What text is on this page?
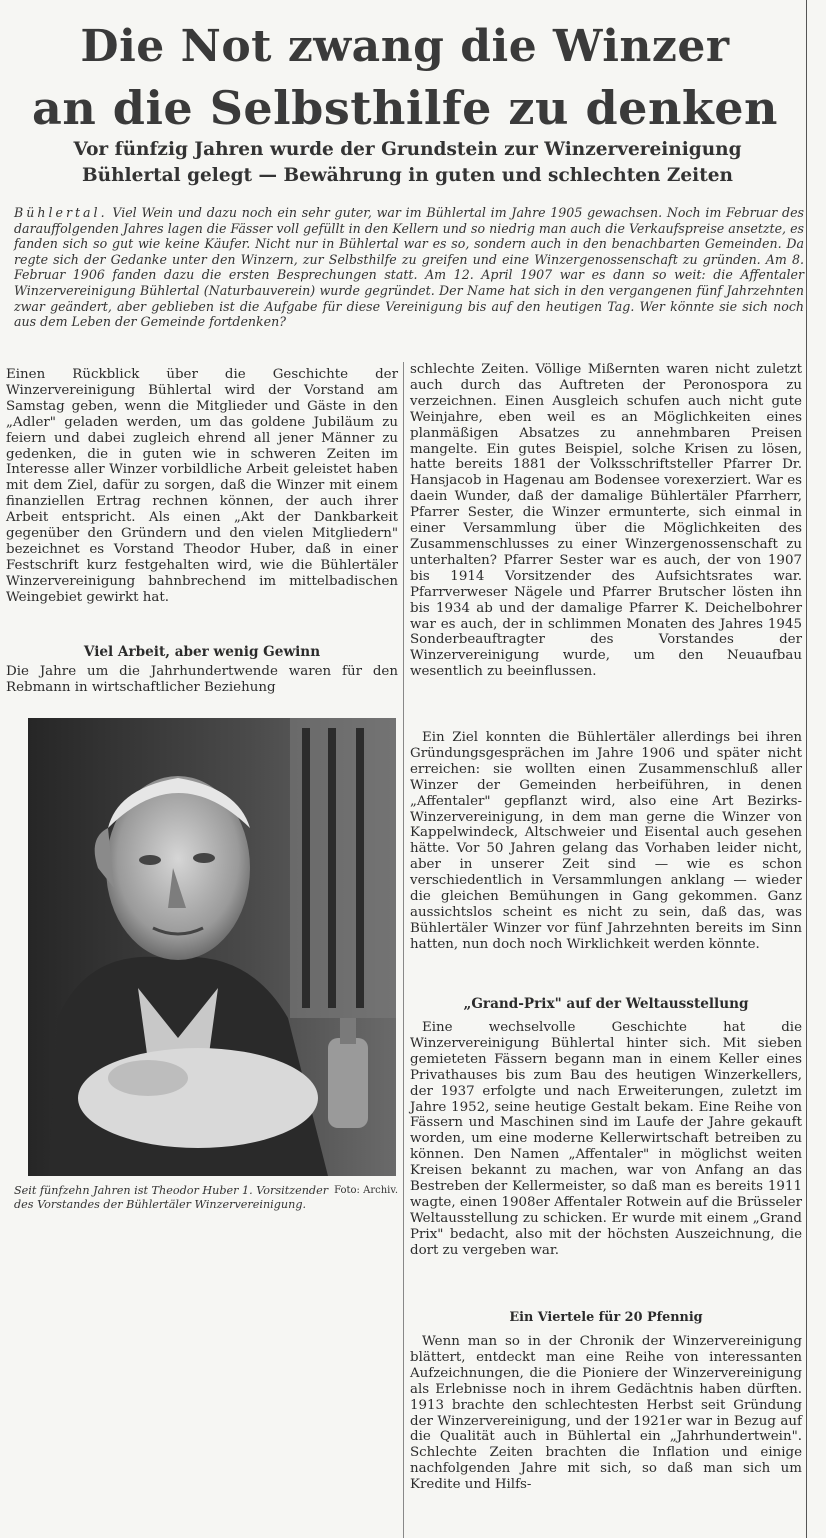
Die Not zwang die Winzer
an die Selbsthilfe zu denken
Vor fünfzig Jahren wurde der Grundstein zur Winzervereinigung
Bühlertal gelegt — Bewährung in guten und schlechten Zeiten

Bühlertal. Viel Wein und dazu noch ein sehr guter, war im Bühlertal im Jahre 1905 gewachsen. Noch im Februar des darauffolgenden Jahres lagen die Fässer voll gefüllt in den Kellern und so niedrig man auch die Verkaufspreise ansetzte, es fanden sich so gut wie keine Käufer. Nicht nur in Bühlertal war es so, sondern auch in den benachbarten Gemeinden. Da regte sich der Gedanke unter den Winzern, zur Selbsthilfe zu greifen und eine Winzergenossenschaft zu gründen. Am 8. Februar 1906 fanden dazu die ersten Besprechungen statt. Am 12. April 1907 war es dann so weit: die Affentaler Winzervereinigung Bühlertal (Naturbauverein) wurde gegründet. Der Name hat sich in den vergangenen fünf Jahrzehnten zwar geändert, aber geblieben ist die Aufgabe für diese Vereinigung bis auf den heutigen Tag. Wer könnte sie sich noch aus dem Leben der Gemeinde fortdenken?

Einen Rückblick über die Geschichte der Winzervereinigung Bühlertal wird der Vorstand am Samstag geben, wenn die Mitglieder und Gäste in den „Adler" geladen werden, um das goldene Jubiläum zu feiern und dabei zugleich ehrend all jener Männer zu gedenken, die in guten wie in schweren Zeiten im Interesse aller Winzer vorbildliche Arbeit geleistet haben mit dem Ziel, dafür zu sorgen, daß die Winzer mit einem finanziellen Ertrag rechnen können, der auch ihrer Arbeit entspricht. Als einen „Akt der Dankbarkeit gegenüber den Gründern und den vielen Mitgliedern" bezeichnet es Vorstand Theodor Huber, daß in einer Festschrift kurz festgehalten wird, wie die Bühlertäler Winzervereinigung bahnbrechend im mittelbadischen Weingebiet gewirkt hat.

Viel Arbeit, aber wenig Gewinn

Die Jahre um die Jahrhundertwende waren für den Rebmann in wirtschaftlicher Beziehung

Foto: Archiv.
Seit fünfzehn Jahren ist Theodor Huber 1. Vorsitzender des Vorstandes der Bühlertäler Winzervereinigung.

schlechte Zeiten. Völlige Mißernten waren nicht zuletzt auch durch das Auftreten der Peronospora zu verzeichnen. Einen Ausgleich schufen auch nicht gute Weinjahre, eben weil es an Möglichkeiten eines planmäßigen Absatzes zu annehmbaren Preisen mangelte. Ein gutes Beispiel, solche Krisen zu lösen, hatte bereits 1881 der Volksschriftsteller Pfarrer Dr. Hansjacob in Hagenau am Bodensee vorexerziert. War es daein Wunder, daß der damalige Bühlertäler Pfarrherr, Pfarrer Sester, die Winzer ermunterte, sich einmal in einer Versammlung über die Möglichkeiten des Zusammenschlusses zu einer Winzergenossenschaft zu unterhalten? Pfarrer Sester war es auch, der von 1907 bis 1914 Vorsitzender des Aufsichtsrates war. Pfarrverweser Nägele und Pfarrer Brutscher lösten ihn bis 1934 ab und der damalige Pfarrer K. Deichelbohrer war es auch, der in schlimmen Monaten des Jahres 1945 Sonderbeauftragter des Vorstandes der Winzervereinigung wurde, um den Neuaufbau wesentlich zu beeinflussen.

Ein Ziel konnten die Bühlertäler allerdings bei ihren Gründungsgesprächen im Jahre 1906 und später nicht erreichen: sie wollten einen Zusammenschluß aller Winzer der Gemeinden herbeiführen, in denen „Affentaler" gepflanzt wird, also eine Art Bezirks-Winzervereinigung, in dem man gerne die Winzer von Kappelwindeck, Altschweier und Eisental auch gesehen hätte. Vor 50 Jahren gelang das Vorhaben leider nicht, aber in unserer Zeit sind — wie es schon verschiedentlich in Versammlungen anklang — wieder die gleichen Bemühungen in Gang gekommen. Ganz aussichtslos scheint es nicht zu sein, daß das, was Bühlertäler Winzer vor fünf Jahrzehnten bereits im Sinn hatten, nun doch noch Wirklichkeit werden könnte.

„Grand-Prix" auf der Weltausstellung

Eine wechselvolle Geschichte hat die Winzervereinigung Bühlertal hinter sich. Mit sieben gemieteten Fässern begann man in einem Keller eines Privathauses bis zum Bau des heutigen Winzerkellers, der 1937 erfolgte und nach Erweiterungen, zuletzt im Jahre 1952, seine heutige Gestalt bekam. Eine Reihe von Fässern und Maschinen sind im Laufe der Jahre gekauft worden, um eine moderne Kellerwirtschaft betreiben zu können. Den Namen „Affentaler" in möglichst weiten Kreisen bekannt zu machen, war von Anfang an das Bestreben der Kellermeister, so daß man es bereits 1911 wagte, einen 1908er Affentaler Rotwein auf die Brüsseler Weltausstellung zu schicken. Er wurde mit einem „Grand Prix" bedacht, also mit der höchsten Auszeichnung, die dort zu vergeben war.

Ein Viertele für 20 Pfennig

Wenn man so in der Chronik der Winzervereinigung blättert, entdeckt man eine Reihe von interessanten Aufzeichnungen, die die Pioniere der Winzervereinigung als Erlebnisse noch in ihrem Gedächtnis haben dürften. 1913 brachte den schlechtesten Herbst seit Gründung der Winzervereinigung, und der 1921er war in Bezug auf die Qualität auch in Bühlertal ein „Jahrhundertwein". Schlechte Zeiten brachten die Inflation und einige nachfolgenden Jahre mit sich, so daß man sich um Kredite und Hilfs-
